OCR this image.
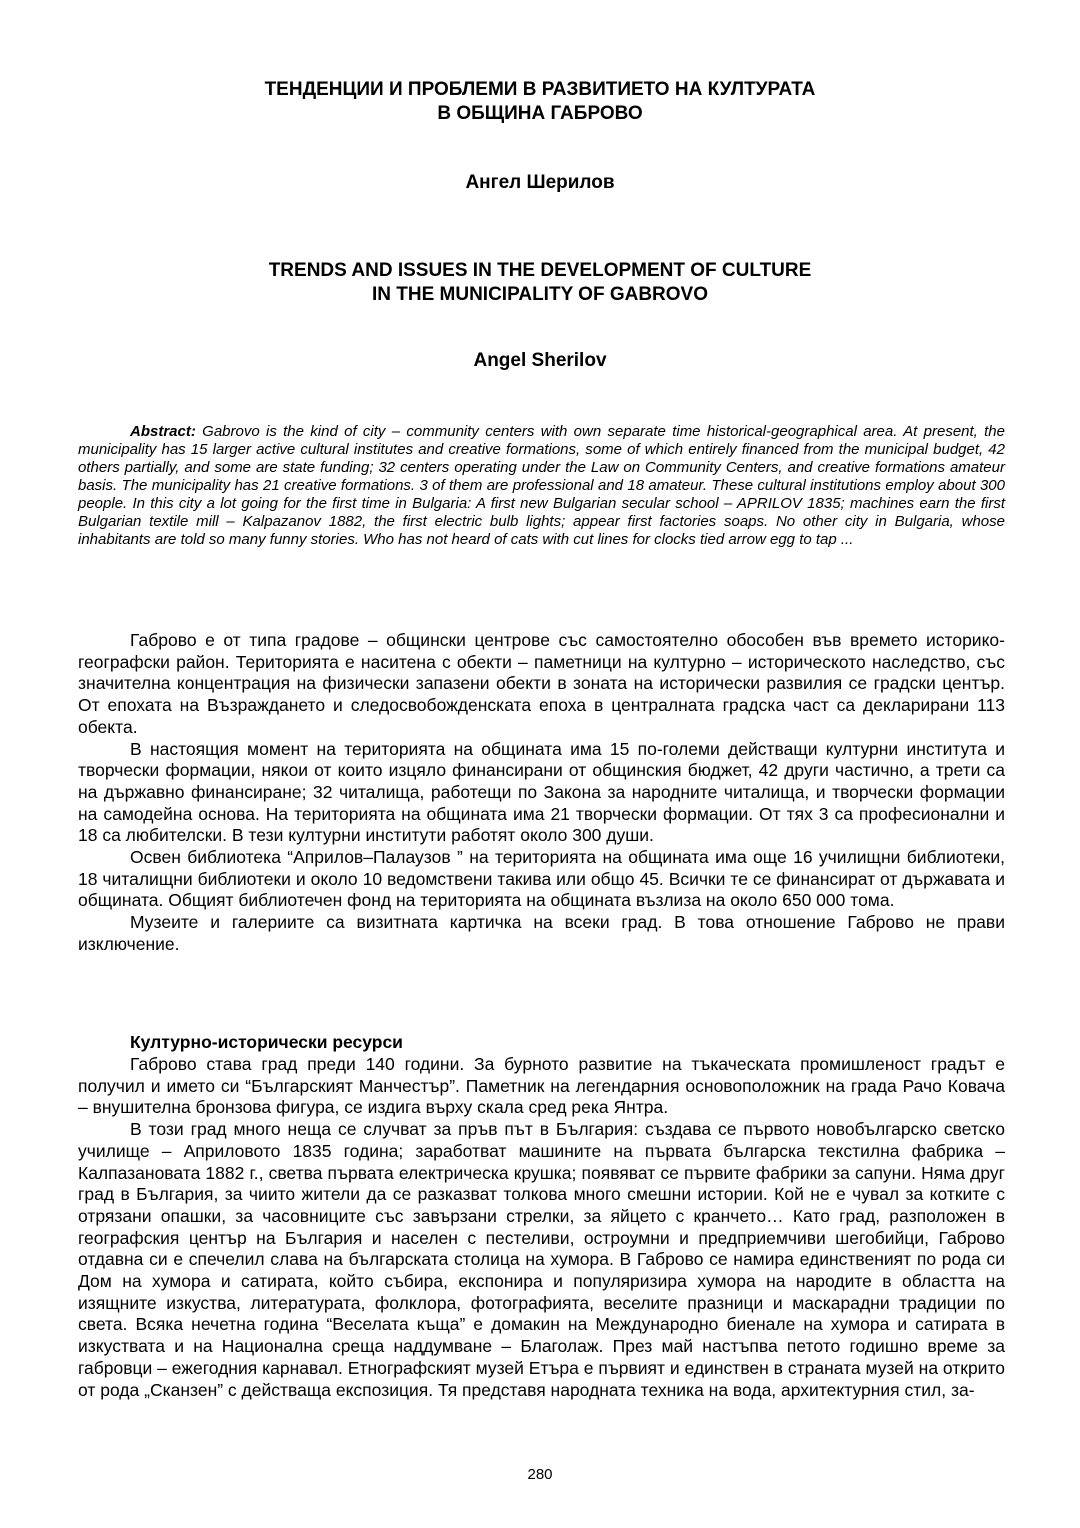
ТЕНДЕНЦИИ И ПРОБЛЕМИ В РАЗВИТИЕТО НА КУЛТУРАТА
В ОБЩИНА ГАБРОВО
Ангел Шерилов
TRENDS AND ISSUES IN THE DEVELOPMENT OF CULTURE
IN THE MUNICIPALITY OF GABROVO
Angel Sherilov

Abstract: Gabrovo is the kind of city – community centers with own separate time historical-geographical area. At present, the municipality has 15 larger active cultural institutes and creative formations, some of which entirely financed from the municipal budget, 42 others partially, and some are state funding; 32 centers operating under the Law on Community Centers, and creative formations amateur basis. The municipality has 21 creative formations. 3 of them are professional and 18 amateur. These cultural institutions employ about 300 people. In this city a lot going for the first time in Bulgaria: A first new Bulgarian secular school – APRILOV 1835; machines earn the first Bulgarian textile mill – Kalpazanov 1882, the first electric bulb lights; appear first factories soaps. No other city in Bulgaria, whose inhabitants are told so many funny stories. Who has not heard of cats with cut lines for clocks tied arrow egg to tap ...

Габрово е от типа градове – общински центрове със самостоятелно обособен във времето историко-географски район. Територията е наситена с обекти – паметници на културно – историческото наследство, със значителна концентрация на физически запазени обекти в зоната на исторически развилия се градски център. От епохата на Възраждането и следосвобожденската епоха в централната градска част са декларирани 113 обекта.

В настоящия момент на територията на общината има 15 по-големи действащи културни института и творчески формации, някои от които изцяло финансирани от общинския бюджет, 42 други частично, а трети са на държавно финансиране; 32 читалища, работещи по Закона за народните читалища, и творчески формации на самодейна основа. На територията на общината има 21 творчески формации. От тях 3 са професионални и 18 са любителски. В тези културни институти работят около 300 души.

Освен библиотека “Априлов–Палаузов ” на територията на общината има още 16 училищни библиотеки, 18 читалищни библиотеки и около 10 ведомствени такива или общо 45. Всички те се финансират от държавата и общината. Общият библиотечен фонд на територията на общината възлиза на около 650 000 тома.

Музеите и галериите са визитната картичка на всеки град. В това отношение Габрово не прави изключение.

Културно-исторически ресурси

Габрово става град преди 140 години. За бурното развитие на тъкаческата промишленост градът е получил и името си “Българският Манчестър”. Паметник на легендарния основоположник на града Рачо Ковача – внушителна бронзова фигура, се издига върху скала сред река Янтра.

В този град много неща се случват за пръв път в България: създава се първото новобългарско светско училище – Априловото 1835 година; заработват машините на първата българска текстилна фабрика – Калпазановата 1882 г., светва първата електрическа крушка; появяват се първите фабрики за сапуни. Няма друг град в България, за чиито жители да се разказват толкова много смешни истории. Кой не е чувал за котките с отрязани опашки, за часовниците със завързани стрелки, за яйцето с кранчето… Като град, разположен в географския център на България и населен с пестеливи, остроумни и предприемчиви шегобийци, Габрово отдавна си е спечелил слава на българската столица на хумора. В Габрово се намира единственият по рода си Дом на хумора и сатирата, който събира, експонира и популяризира хумора на народите в областта на изящните изкуства, литературата, фолклора, фотографията, веселите празници и маскарадни традиции по света. Всяка нечетна година “Веселата къща” е домакин на Международно биенале на хумора и сатирата в изкуствата и на Национална среща наддумване – Благолаж. През май настъпва петото годишно време за габровци – ежегодния карнавал. Етнографският музей Етъра е първият и единствен в страната музей на открито от рода „Сканзен” с действаща експозиция. Тя представя народната техника на вода, архитектурния стил, за-

280
